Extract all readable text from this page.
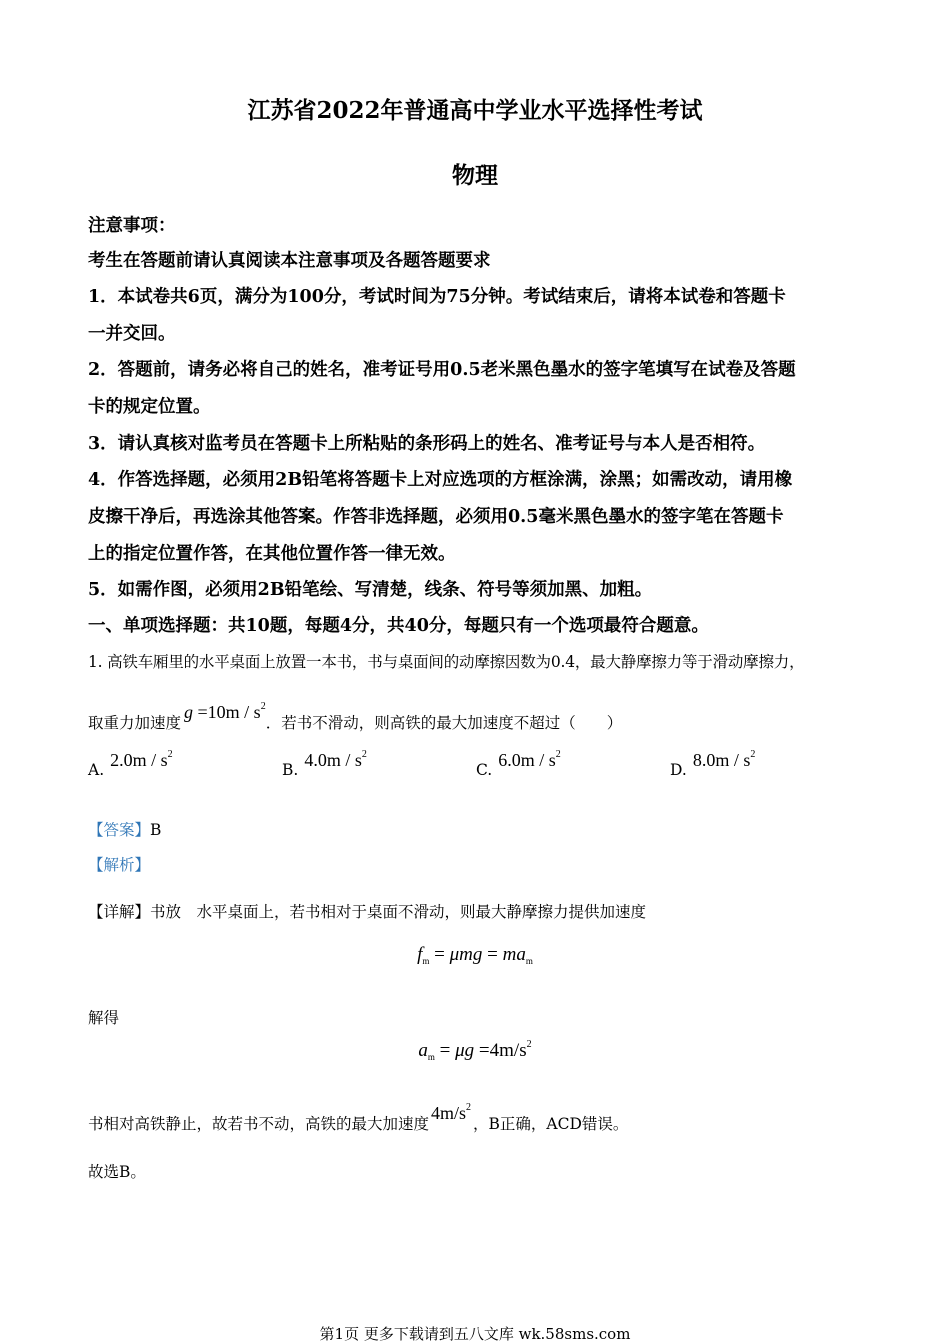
江苏省2022年普通高中学业水平选择性考试
物理
注意事项：
考生在答题前请认真阅读本注意事项及各题答题要求
1．本试卷共6页，满分为100分，考试时间为75分钟。考试结束后，请将本试卷和答题卡
一并交回。
2．答题前，请务必将自己的姓名，准考证号用0.5老米黑色墨水的签字笔填写在试卷及答题
卡的规定位置。
3．请认真核对监考员在答题卡上所粘贴的条形码上的姓名、准考证号与本人是否相符。
4．作答选择题，必须用2B铅笔将答题卡上对应选项的方框涂满，涂黑；如需改动，请用橡
皮擦干净后，再选涂其他答案。作答非选择题，必须用0.5毫米黑色墨水的签字笔在答题卡
上的指定位置作答，在其他位置作答一律无效。
5．如需作图，必须用2B铅笔绘、写清楚，线条、符号等须加黑、加粗。
一、单项选择题：共10题，每题4分，共40分，每题只有一个选项最符合题意。
1. 高铁车厢里的水平桌面上放置一本书，书与桌面间的动摩擦因数为0.4，最大静摩擦力等于滑动摩擦力，
取重力加速度$g =10m / s^2$．若书不滑动，则高铁的最大加速度不超过（　　）
A. $2.0m / s^2$
B. $4.0m / s^2$
C. $6.0m / s^2$
D. $8.0m / s^2$
【答案】B
【解析】
【详解】书放　水平桌面上，若书相对于桌面不滑动，则最大静摩擦力提供加速度
$f_m = \mu mg = ma_m$
解得
$a_m = \mu g =4m/s^2$
书相对高铁静止，故若书不动，高铁的最大加速度$4m/s^2$，B正确，ACD错误。
故选B。
第1页 更多下载请到五八文库 wk.58sms.com
